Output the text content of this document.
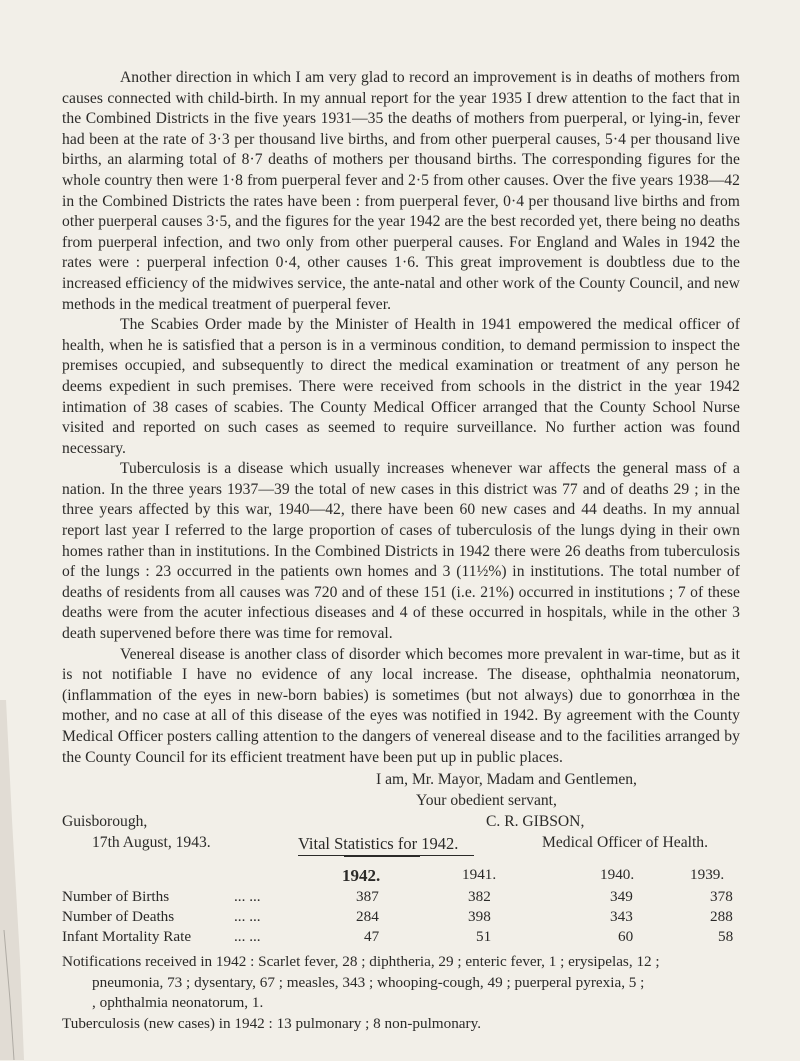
Another direction in which I am very glad to record an improvement is in deaths of mothers from causes connected with child-birth. In my annual report for the year 1935 I drew attention to the fact that in the Combined Districts in the five years 1931—35 the deaths of mothers from puerperal, or lying-in, fever had been at the rate of 3·3 per thousand live births, and from other puerperal causes, 5·4 per thousand live births, an alarming total of 8·7 deaths of mothers per thousand births. The corresponding figures for the whole country then were 1·8 from puerperal fever and 2·5 from other causes. Over the five years 1938—42 in the Combined Districts the rates have been : from puerperal fever, 0·4 per thousand live births and from other puerperal causes 3·5, and the figures for the year 1942 are the best recorded yet, there being no deaths from puerperal infection, and two only from other puerperal causes. For England and Wales in 1942 the rates were : puerperal infection 0·4, other causes 1·6. This great improvement is doubtless due to the increased efficiency of the midwives service, the ante-natal and other work of the County Council, and new methods in the medical treatment of puerperal fever.

The Scabies Order made by the Minister of Health in 1941 empowered the medical officer of health, when he is satisfied that a person is in a verminous condition, to demand permission to inspect the premises occupied, and subsequently to direct the medical examination or treatment of any person he deems expedient in such premises. There were received from schools in the district in the year 1942 intimation of 38 cases of scabies. The County Medical Officer arranged that the County School Nurse visited and reported on such cases as seemed to require surveillance. No further action was found necessary.

Tuberculosis is a disease which usually increases whenever war affects the general mass of a nation. In the three years 1937—39 the total of new cases in this district was 77 and of deaths 29 ; in the three years affected by this war, 1940—42, there have been 60 new cases and 44 deaths. In my annual report last year I referred to the large proportion of cases of tuberculosis of the lungs dying in their own homes rather than in institutions. In the Combined Districts in 1942 there were 26 deaths from tuberculosis of the lungs : 23 occurred in the patients own homes and 3 (11½%) in institutions. The total number of deaths of residents from all causes was 720 and of these 151 (i.e. 21%) occurred in institutions ; 7 of these deaths were from the acuter infectious diseases and 4 of these occurred in hospitals, while in the other 3 death supervened before there was time for removal.

Venereal disease is another class of disorder which becomes more prevalent in war-time, but as it is not notifiable I have no evidence of any local increase. The disease, ophthalmia neonatorum, (inflammation of the eyes in new-born babies) is sometimes (but not always) due to gonorrhœa in the mother, and no case at all of this disease of the eyes was notified in 1942. By agreement with the County Medical Officer posters calling attention to the dangers of venereal disease and to the facilities arranged by the County Council for its efficient treatment have been put up in public places.

I am, Mr. Mayor, Madam and Gentlemen,
Your obedient servant,
Guisborough,	C. R. GIBSON,
17th August, 1943.	Medical Officer of Health.
Vital Statistics for 1942.
1942.	1941.	1940.	1939.
Number of Births	... ...	387	382	349	378
Number of Deaths	... ...	284	398	343	288
Infant Mortality Rate	... ...	47	51	60	58
Notifications received in 1942 : Scarlet fever, 28 ; diphtheria, 29 ; enteric fever, 1 ; erysipelas, 12 ;
pneumonia, 73 ; dysentary, 67 ; measles, 343 ; whooping-cough, 49 ; puerperal pyrexia, 5 ;
, ophthalmia neonatorum, 1.
Tuberculosis (new cases) in 1942 : 13 pulmonary ; 8 non-pulmonary.
